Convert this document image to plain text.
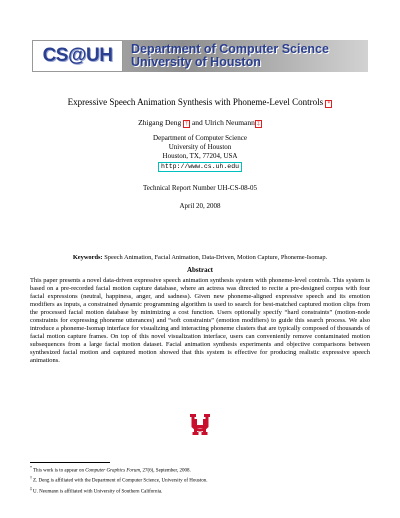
CS@UH Department of Computer Science
University of Houston
Expressive Speech Animation Synthesis with Phoneme-Level Controls *
Zhigang Deng † and Ulrich Neumann ‡
Department of Computer Science
University of Houston
Houston, TX, 77204, USA
http://www.cs.uh.edu
Technical Report Number UH-CS-08-05
April 20, 2008
Keywords: Speech Animation, Facial Animation, Data-Driven, Motion Capture, Phoneme-Isomap.
Abstract

This paper presents a novel data-driven expressive speech animation synthesis system with phoneme-level controls. This system is based on a pre-recorded facial motion capture database, where an actress was directed to recite a pre-designed corpus with four facial expressions (neutral, happiness, anger, and sadness). Given new phoneme-aligned expressive speech and its emotion modifiers as inputs, a constrained dynamic programming algorithm is used to search for best-matched captured motion clips from the processed facial motion database by minimizing a cost function. Users optionally specify “hard constraints” (motion-node constraints for expressing phoneme utterances) and “soft constraints” (emotion modifiers) to guide this search process. We also introduce a phoneme-Isomap interface for visualizing and interacting phoneme clusters that are typically composed of thousands of facial motion capture frames. On top of this novel visualization interface, users can conveniently remove contaminated motion subsequences from a large facial motion dataset. Facial animation synthesis experiments and objective comparisons between synthesized facial motion and captured motion showed that this system is effective for producing realistic expressive speech animations.

*This work is to appear on Computer Graphics Forum, 27(6), September, 2008.
†Z. Deng is affiliated with the Department of Computer Science, University of Houston.
‡U. Neumann is affiliated with University of Southern California.
